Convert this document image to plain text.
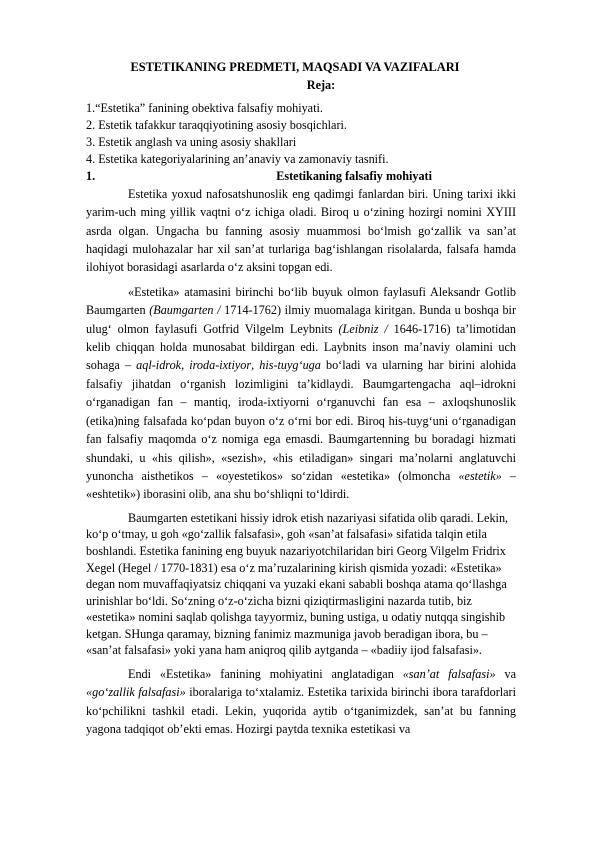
ESTETIKANING PREDMETI, MAQSADI VA VAZIFALARI
Reja:
1.“Estetika” fanining obektiva falsafiy mohiyati.
2. Estetik tafakkur taraqqiyotining asosiy bosqichlari.
3. Estetik anglash va uning asosiy shakllari
4. Estetika kategoriyalarining an’anaviy va zamonaviy tasnifi.
1.	Estetikaning falsafiy mohiyati

Estetika yoxud nafosatshunoslik eng qadimgi fanlardan biri. Uning tarixi ikki yarim-uch ming yillik vaqtni o‘z ichiga oladi. Biroq u o‘zining hozirgi nomini XYIII asrda olgan. Ungacha bu fanning asosiy muammosi bo‘lmish go‘zallik va san’at haqidagi mulohazalar har xil san’at turlariga bag‘ishlangan risolalarda, falsafa hamda ilohiyot borasidagi asarlarda o‘z aksini topgan edi.

«Estetika» atamasini birinchi bo‘lib buyuk olmon faylasufi Aleksandr Gotlib Baumgarten (Baumgarten / 1714-1762) ilmiy muomalaga kiritgan. Bunda u boshqa bir ulug‘ olmon faylasufi Gotfrid Vilgelm Leybnits (Leibniz / 1646-1716) ta’limotidan kelib chiqqan holda munosabat bildirgan edi. Laybnits inson ma’naviy olamini uch sohaga – aql-idrok, iroda-ixtiyor, his-tuyg‘uga bo‘ladi va ularning har birini alohida falsafiy jihatdan o‘rganish lozimligini ta’kidlaydi. Baumgartengacha aql–idrokni o‘rganadigan fan – mantiq, iroda-ixtiyorni o‘rganuvchi fan esa – axloqshunoslik (etika)ning falsafada ko‘pdan buyon o‘z o‘rni bor edi. Biroq his-tuyg‘uni o‘rganadigan fan falsafiy maqomda o‘z nomiga ega emasdi. Baumgartenning bu boradagi hizmati shundaki, u «his qilish», «sezish», «his etiladigan» singari ma’nolarni anglatuvchi yunoncha aisthetikos – «oyestetikos» so‘zidan «estetika» (olmoncha «estetik» – «eshtetik») iborasini olib, ana shu bo‘shliqni to‘ldirdi.

Baumgarten estetikani hissiy idrok etish nazariyasi sifatida olib qaradi. Lekin, ko‘p o‘tmay, u goh «go‘zallik falsafasi», goh «san’at falsafasi» sifatida talqin etila boshlandi. Estetika fanining eng buyuk nazariyotchilaridan biri Georg Vilgelm Fridrix Xegel (Hegel / 1770-1831) esa o‘z ma’ruzalarining kirish qismida yozadi: «Estetika» degan nom muvaffaqiyatsiz chiqqani va yuzaki ekani sababli boshqa atama qo‘llashga urinishlar bo‘ldi. So‘zning o‘z-o‘zicha bizni qiziqtirmasligini nazarda tutib, biz «estetika» nomini saqlab qolishga tayyormiz, buning ustiga, u odatiy nutqqa singishib ketgan. SHunga qaramay, bizning fanimiz mazmuniga javob beradigan ibora, bu – «san’at falsafasi» yoki yana ham aniqroq qilib aytganda – «badiiy ijod falsafasi».

Endi «Estetika» fanining mohiyatini anglatadigan «san’at falsafasi» va «go‘zallik falsafasi» iboralariga to‘xtalamiz. Estetika tarixida birinchi ibora tarafdorlari ko‘pchilikni tashkil etadi. Lekin, yuqorida aytib o‘tganimizdek, san’at bu fanning yagona tadqiqot ob’ekti emas. Hozirgi paytda texnika estetikasi va
